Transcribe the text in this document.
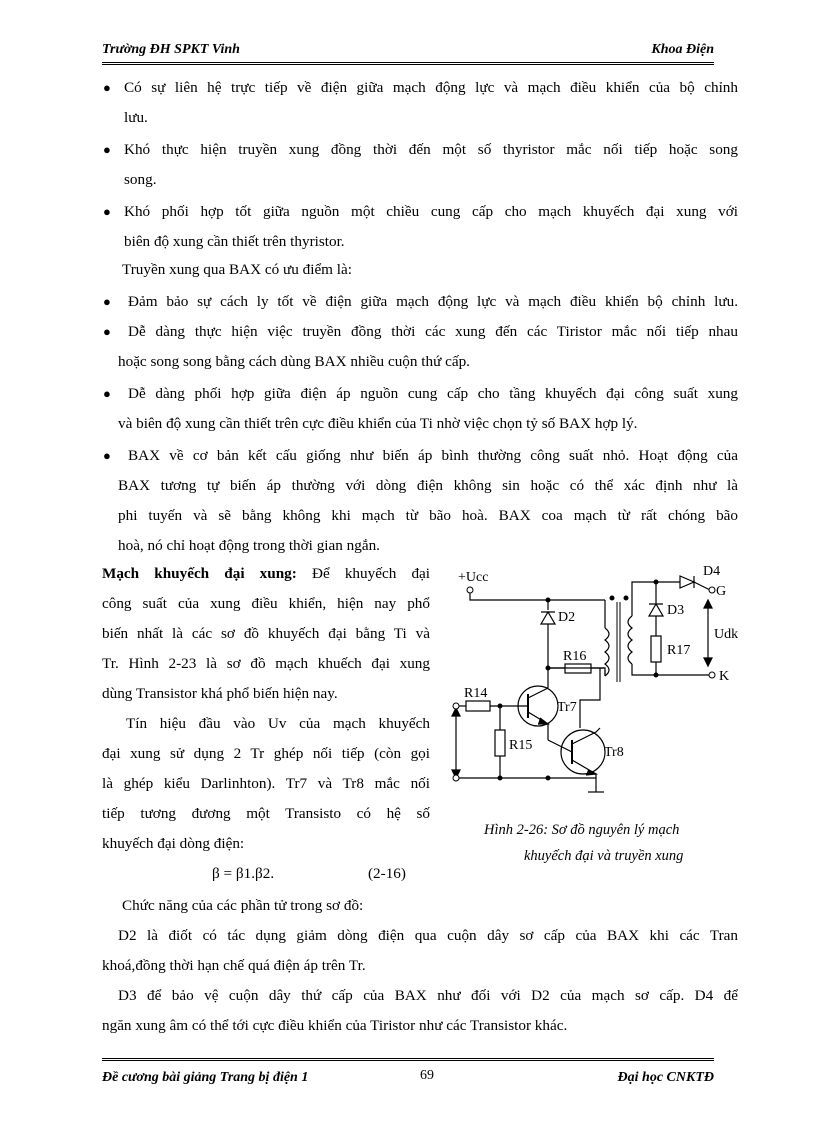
Trường ĐH SPKT Vinh	Khoa Điện
● Có sự liên hệ trực tiếp về điện giữa mạch động lực và mạch điều khiển của bộ chỉnh
lưu.
● Khó thực hiện truyền xung đồng thời đến một số thyristor mắc nối tiếp hoặc song
song.
● Khó phối hợp tốt giữa nguồn một chiều cung cấp cho mạch khuyếch đại xung với
biên độ xung cần thiết trên thyristor.
Truyền xung qua BAX có ưu điểm là:
● Đảm bảo sự cách ly tốt về điện giữa mạch động lực và mạch điều khiển bộ chỉnh lưu.
● Dễ dàng thực hiện việc truyền đồng thời các xung đến các Tiristor mắc nối tiếp nhau
hoặc song song bằng cách dùng BAX nhiều cuộn thứ cấp.
● Dễ dàng phối hợp giữa điện áp nguồn cung cấp cho tầng khuyếch đại công suất xung
và biên độ xung cần thiết trên cực điều khiển của Ti nhờ việc chọn tỷ số BAX hợp lý.
● BAX về cơ bản kết cấu giống như biến áp bình thường công suất nhỏ. Hoạt động của
BAX tương tự biến áp thường với dòng điện không sin hoặc có thể xác định như là
phi tuyến và sẽ bằng không khi mạch từ bão hoà. BAX coa mạch từ rất chóng bão
hoà, nó chỉ hoạt động trong thời gian ngắn.
Mạch khuyếch đại xung: Để khuyếch đại
công suất của xung điều khiển, hiện nay phổ
biến nhất là các sơ đồ khuyếch đại bằng Ti và
Tr. Hình 2-23 là sơ đồ mạch khuếch đại xung
dùng Transistor khá phổ biến hiện nay.
Tín hiệu đầu vào Uv của mạch khuyếch
đại xung sử dụng 2 Tr ghép nối tiếp (còn gọi
là ghép kiểu Darlinhton). Tr7 và Tr8 mắc nối
tiếp tương đương một Transisto có hệ số
khuyếch đại dòng điện:
β = β1.β2.	(2-16)
+Ucc
D2	D3
D4
G
Udk
R17
R16
K
R14
R15
Tr7
Tr8
Hình 2-26: Sơ đồ nguyên lý mạch
khuyếch đại và truyền xung
Chức năng của các phần tử trong sơ đồ:
D2 là điốt có tác dụng giảm dòng điện qua cuộn dây sơ cấp của BAX khi các Tran
khoá,đồng thời hạn chế quá điện áp trên Tr.
D3 để bảo vệ cuộn dây thứ cấp của BAX như đối với D2 của mạch sơ cấp. D4 để
ngăn xung âm có thể tới cực điều khiển của Tiristor như các Transistor khác.
Đề cương bài giảng Trang bị điện 1	69	Đại học CNKTĐ
